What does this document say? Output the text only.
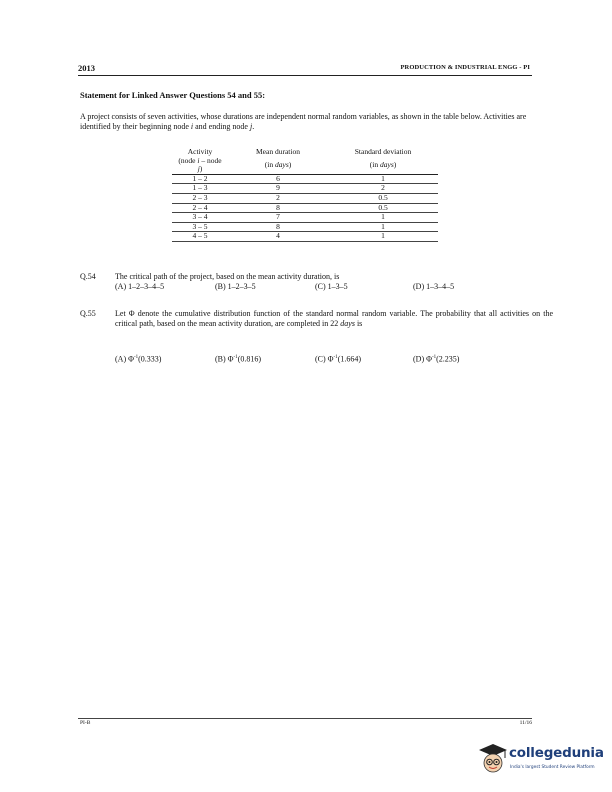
2013	PRODUCTION & INDUSTRIAL ENGG - PI
Statement for Linked Answer Questions 54 and 55:
A project consists of seven activities, whose durations are independent normal random variables, as shown in the table below. Activities are identified by their beginning node i and ending node j.
Activity	Mean duration	Standard deviation
(node i – node j)	(in days)	(in days)
1 – 2	6	1
1 – 3	9	2
2 – 3	2	0.5
2 – 4	8	0.5
3 – 4	7	1
3 – 5	8	1
4 – 5	4	1
Q.54 The critical path of the project, based on the mean activity duration, is
(A) 1–2–3–4–5	(B) 1–2–3–5	(C) 1–3–5	(D) 1–3–4–5
Q.55 Let Φ denote the cumulative distribution function of the standard normal random variable. The probability that all activities on the critical path, based on the mean activity duration, are completed in 22 days is
(A) $\Phi^{-1}(0.333)$	(B) $\Phi^{-1}(0.816)$	(C) $\Phi^{-1}(1.664)$	(D) $\Phi^{-1}(2.235)$
PI-B	11/16
collegedunia
India's largest Student Review Platform
